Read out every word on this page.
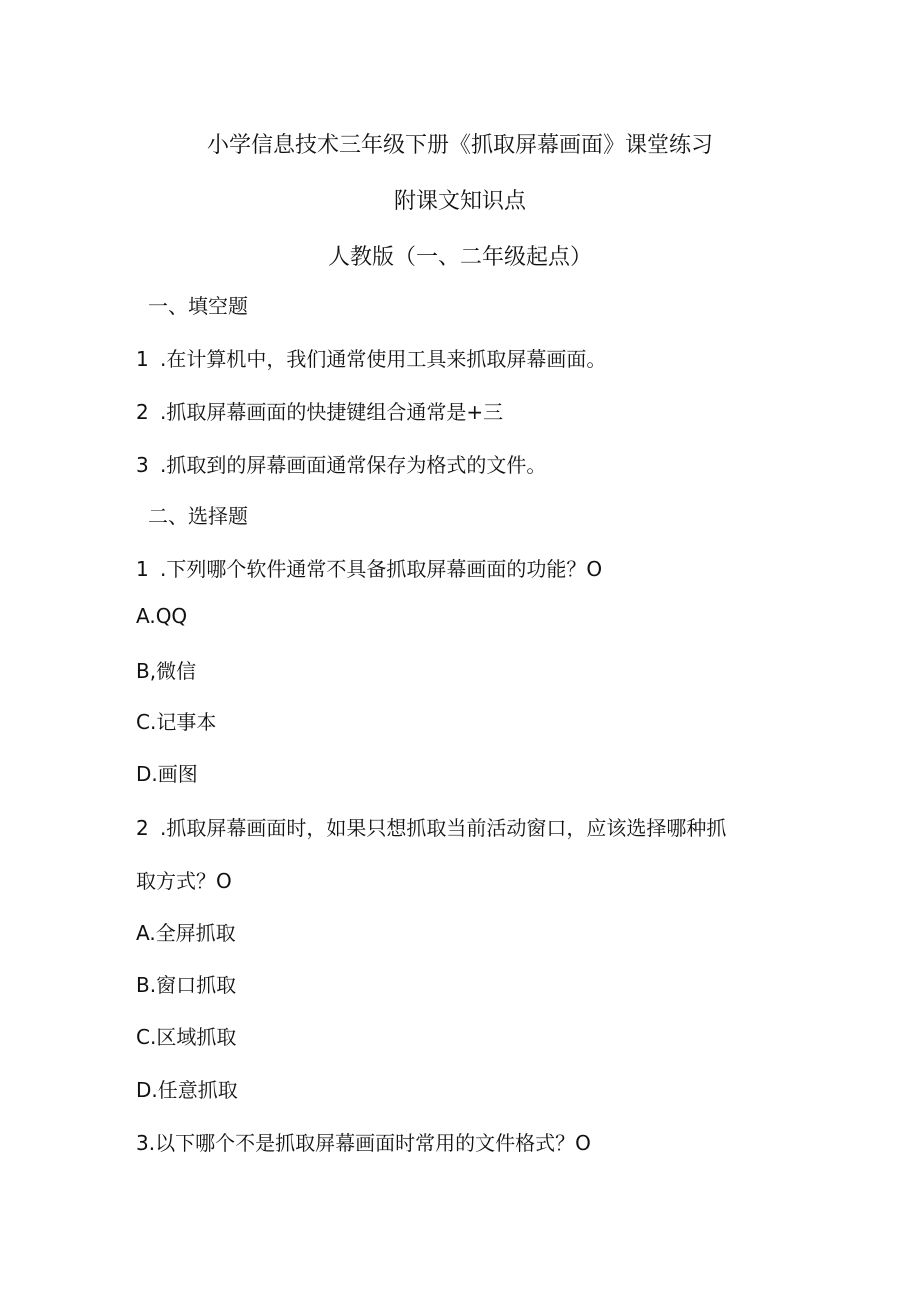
小学信息技术三年级下册《抓取屏幕画面》课堂练习
附课文知识点
人教版（一、二年级起点）
一、填空题
1 .在计算机中，我们通常使用工具来抓取屏幕画面。
2 .抓取屏幕画面的快捷键组合通常是+三
3 .抓取到的屏幕画面通常保存为格式的文件。
二、选择题
1 .下列哪个软件通常不具备抓取屏幕画面的功能？O
A.QQ
B,微信
C.记事本
D.画图
2 .抓取屏幕画面时，如果只想抓取当前活动窗口，应该选择哪种抓
取方式？O
A.全屏抓取
B.窗口抓取
C.区域抓取
D.任意抓取
3.以下哪个不是抓取屏幕画面时常用的文件格式？O
